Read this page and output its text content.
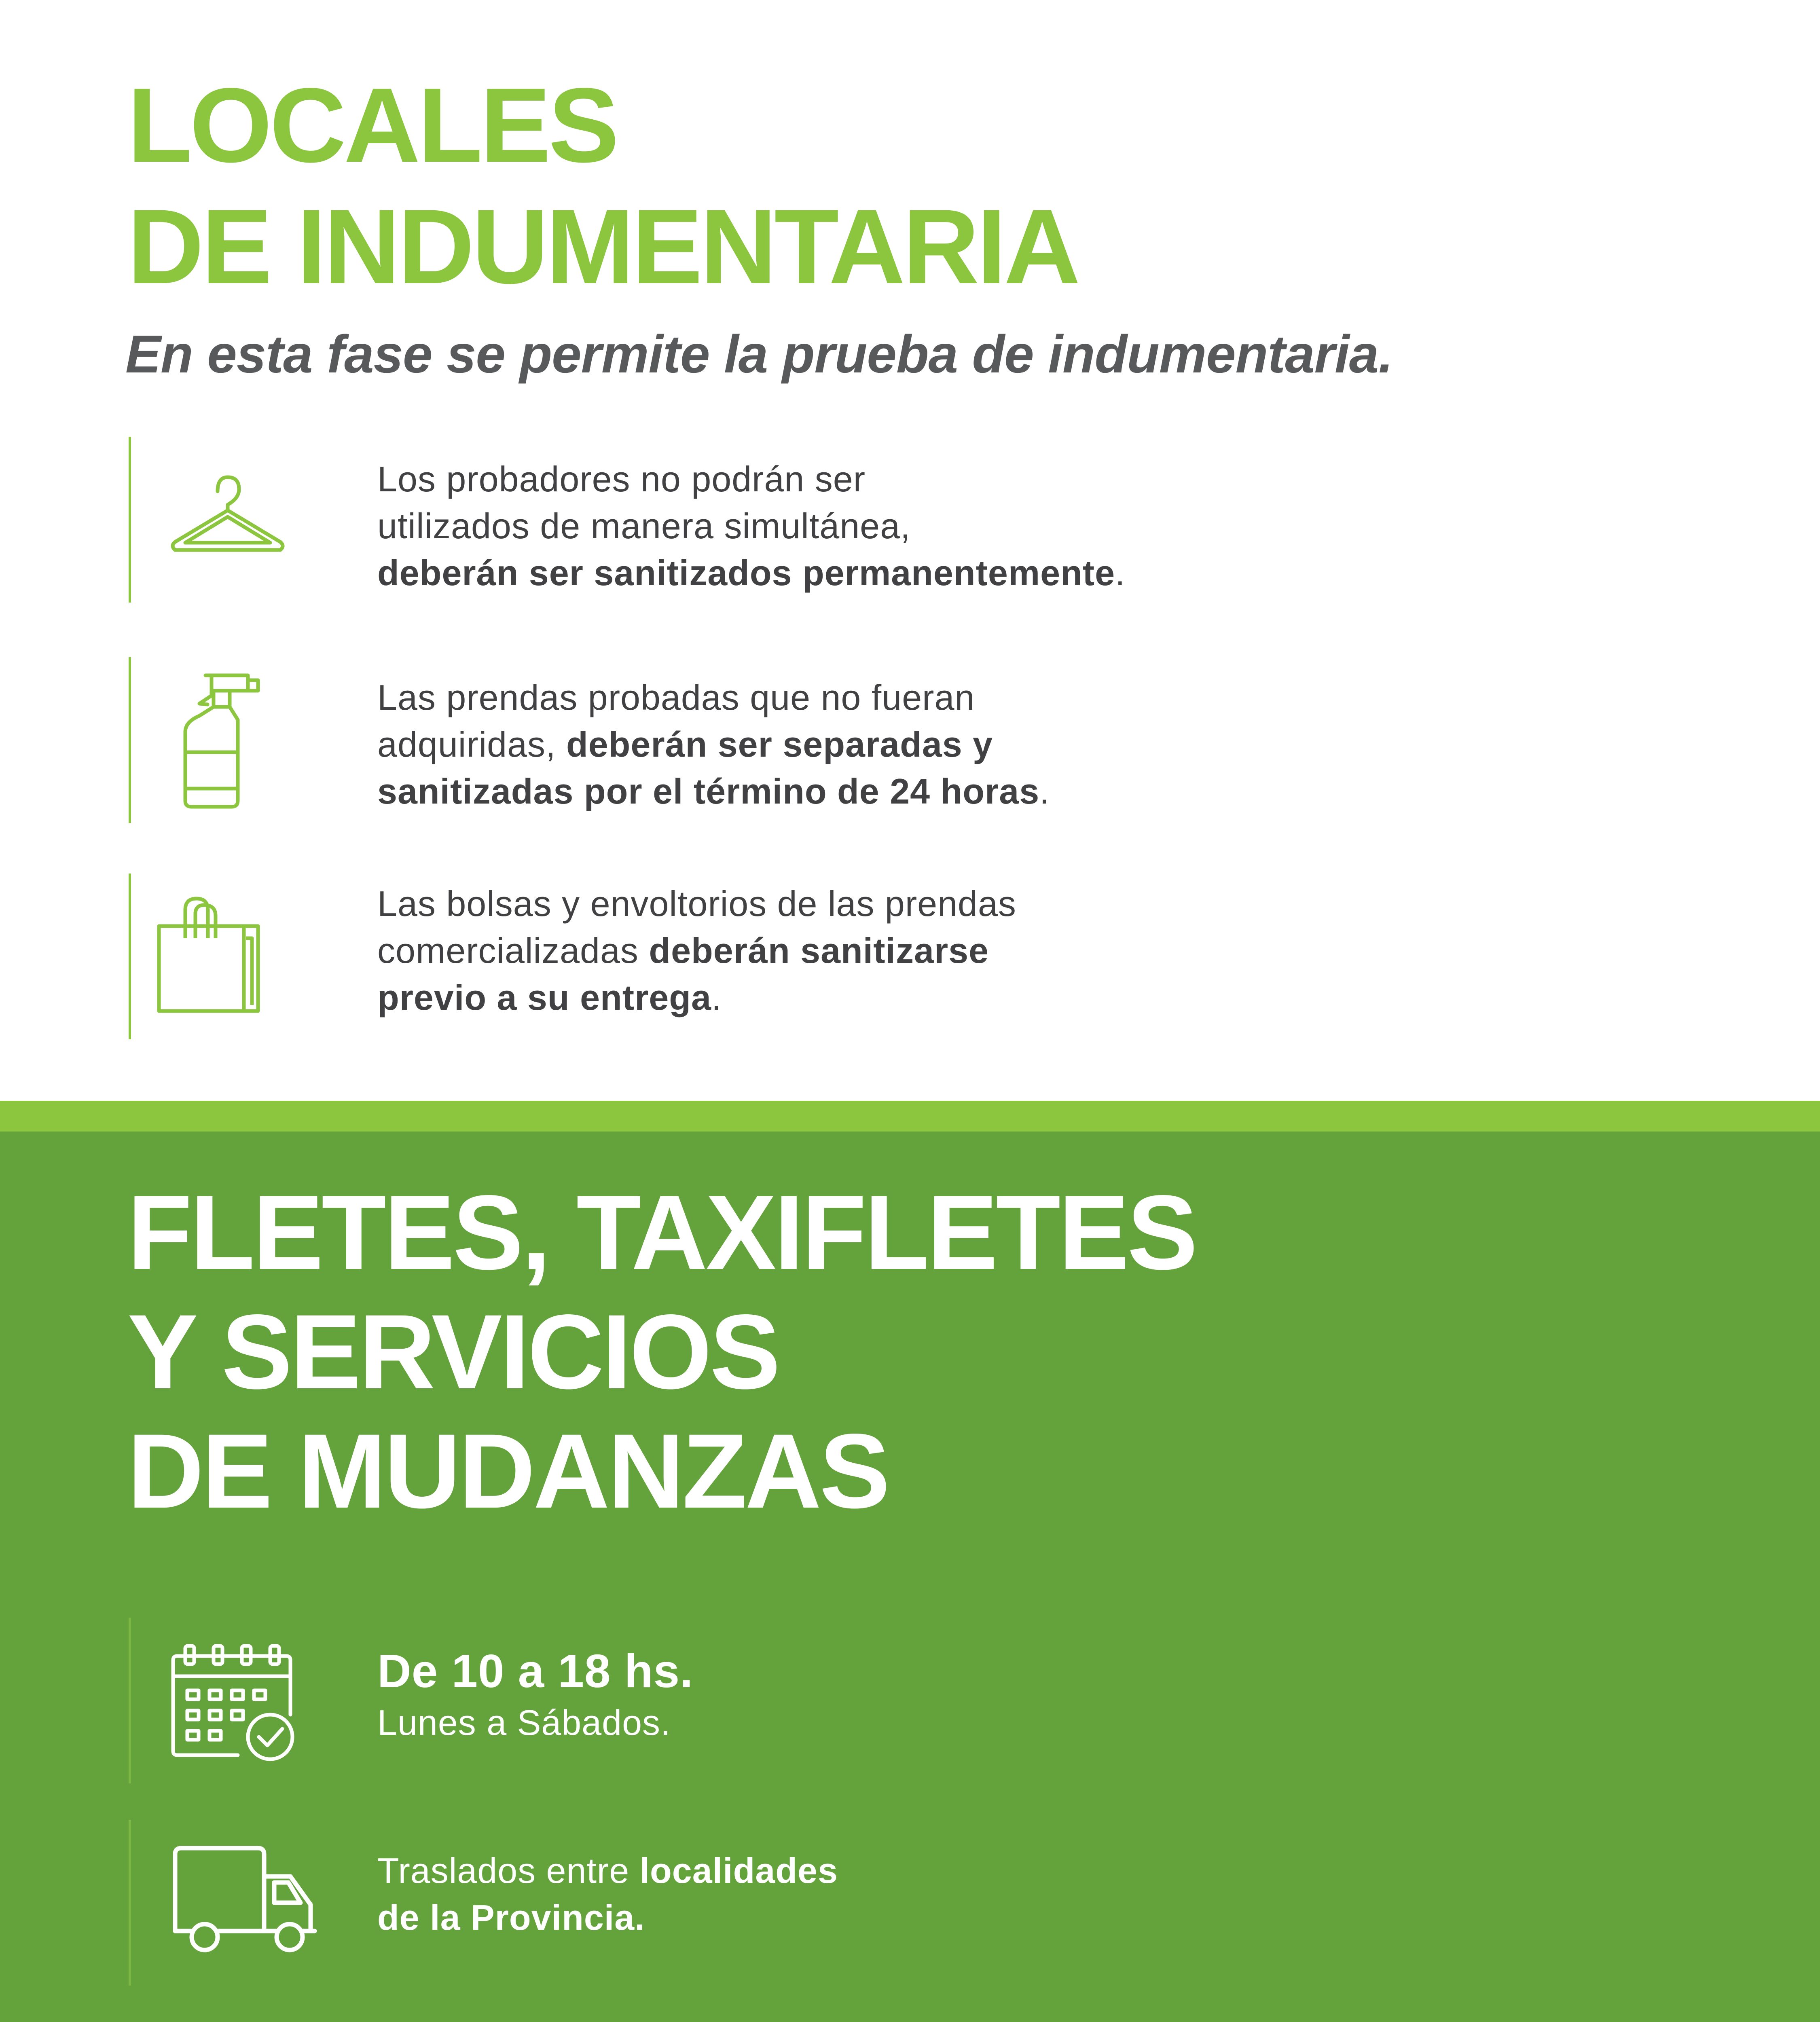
LOCALES
DE INDUMENTARIA

En esta fase se permite la prueba de indumentaria.

Los probadores no podrán ser
utilizados de manera simultánea,
deberán ser sanitizados permanentemente.
Las prendas probadas que no fueran
adquiridas, deberán ser separadas y
sanitizadas por el término de 24 horas.
Las bolsas y envoltorios de las prendas
comercializadas deberán sanitizarse
previo a su entrega.
FLETES, TAXIFLETES
Y SERVICIOS
DE MUDANZAS
De 10 a 18 hs.
Lunes a Sábados.
Traslados entre localidades
de la Provincia.
